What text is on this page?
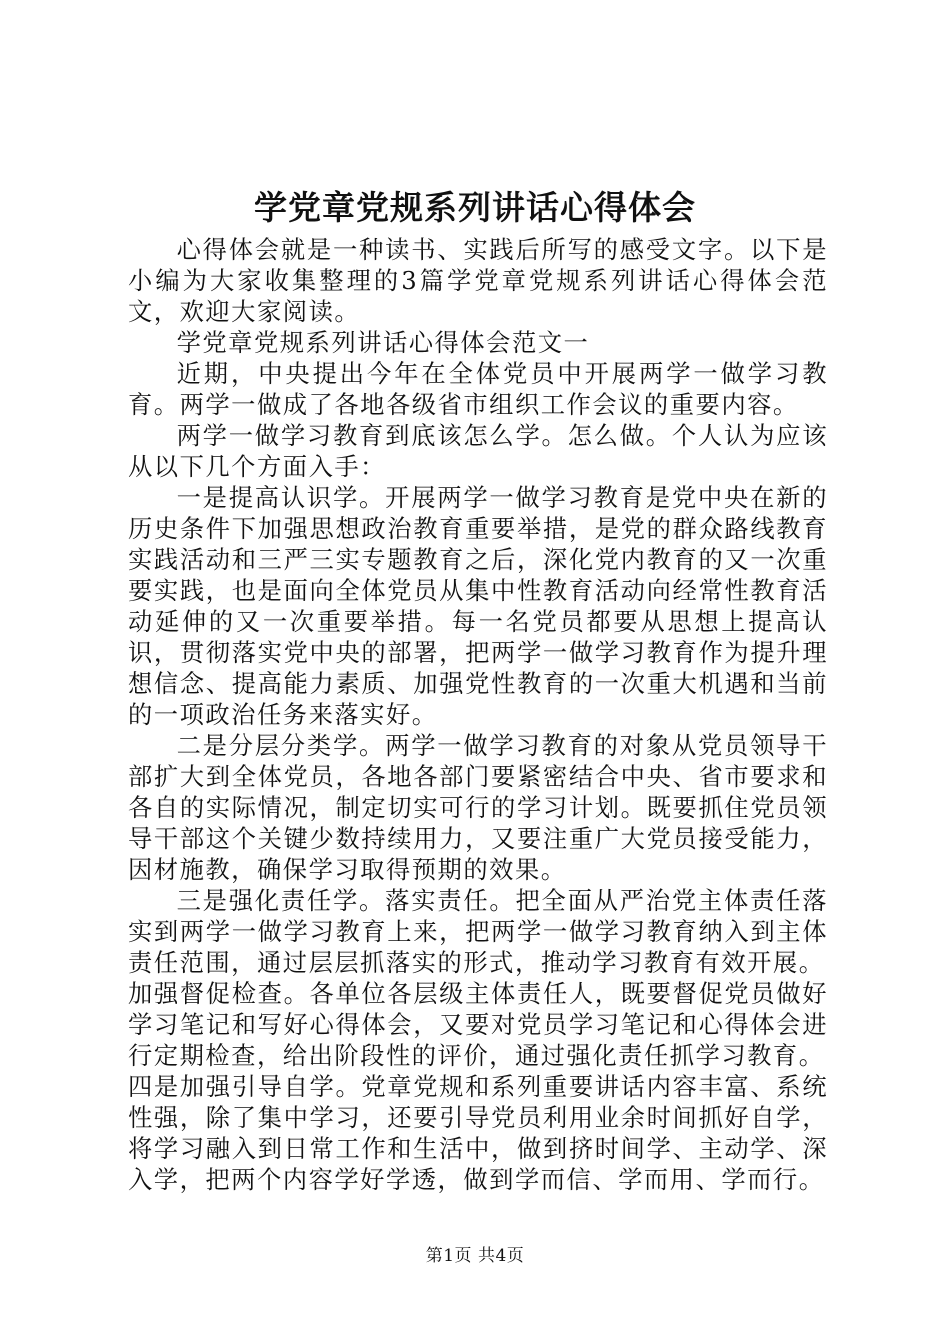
学党章党规系列讲话心得体会

心得体会就是一种读书、实践后所写的感受文字。以下是小编为大家收集整理的3篇学党章党规系列讲话心得体会范文，欢迎大家阅读。

学党章党规系列讲话心得体会范文一

近期，中央提出今年在全体党员中开展两学一做学习教育。两学一做成了各地各级省市组织工作会议的重要内容。

两学一做学习教育到底该怎么学。怎么做。个人认为应该从以下几个方面入手：

一是提高认识学。开展两学一做学习教育是党中央在新的历史条件下加强思想政治教育重要举措，是党的群众路线教育实践活动和三严三实专题教育之后，深化党内教育的又一次重要实践，也是面向全体党员从集中性教育活动向经常性教育活动延伸的又一次重要举措。每一名党员都要从思想上提高认识，贯彻落实党中央的部署，把两学一做学习教育作为提升理想信念、提高能力素质、加强党性教育的一次重大机遇和当前的一项政治任务来落实好。

二是分层分类学。两学一做学习教育的对象从党员领导干部扩大到全体党员，各地各部门要紧密结合中央、省市要求和各自的实际情况，制定切实可行的学习计划。既要抓住党员领导干部这个关键少数持续用力，又要注重广大党员接受能力，因材施教，确保学习取得预期的效果。

三是强化责任学。落实责任。把全面从严治党主体责任落实到两学一做学习教育上来，把两学一做学习教育纳入到主体责任范围，通过层层抓落实的形式，推动学习教育有效开展。

加强督促检查。各单位各层级主体责任人，既要督促党员做好学习笔记和写好心得体会，又要对党员学习笔记和心得体会进行定期检查，给出阶段性的评价，通过强化责任抓学习教育。

四是加强引导自学。党章党规和系列重要讲话内容丰富、系统性强，除了集中学习，还要引导党员利用业余时间抓好自学，将学习融入到日常工作和生活中，做到挤时间学、主动学、深入学，把两个内容学好学透，做到学而信、学而用、学而行。

第1页 共4页
